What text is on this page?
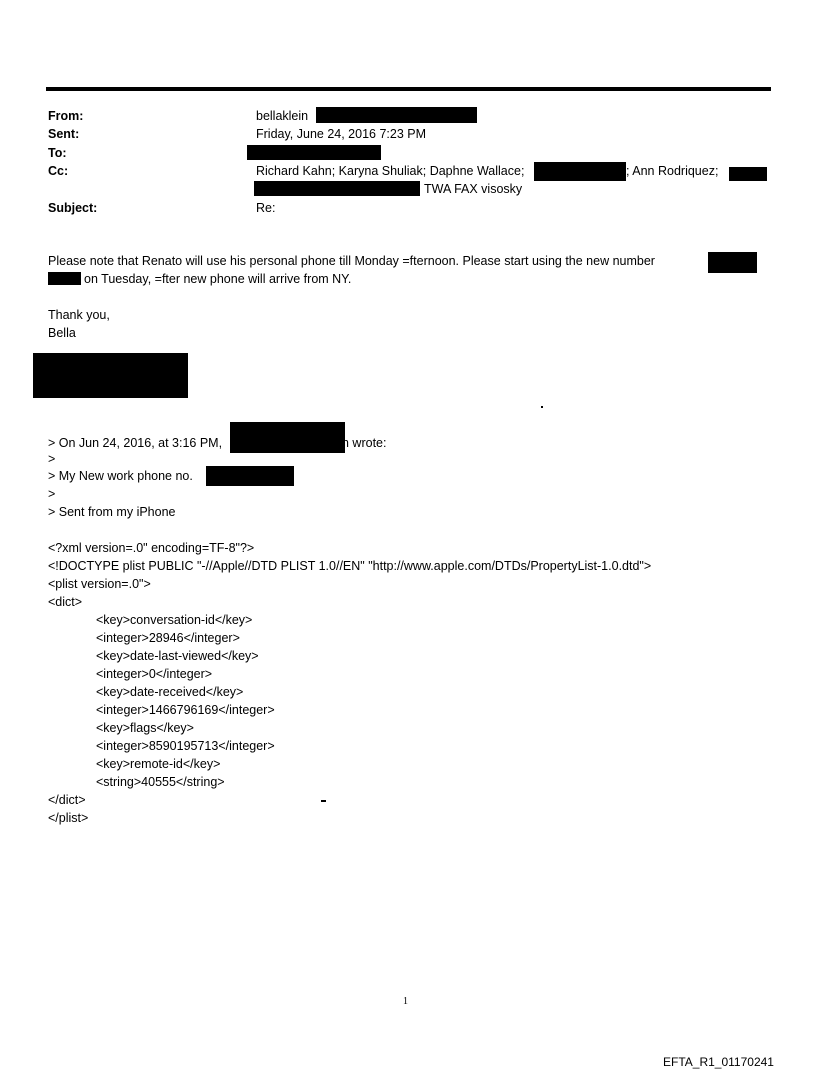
From:	bellaklein
Sent:	Friday, June 24, 2016 7:23 PM
To:
Cc:	Richard Kahn; Karyna Shuliak; Daphne Wallace;	; Ann Rodriquez;
TWA FAX visosky
Subject:	Re:
Please note that Renato will use his personal phone till Monday =fternoon. Please start using the new number
on Tuesday, =fter new phone will arrive from NY.
Thank you,
Bella
> On Jun 24, 2016, at 3:16 PM,	n wrote:
>
> My New work phone no.
>
> Sent from my iPhone
<?xml version=.0" encoding=TF-8"?>
<!DOCTYPE plist PUBLIC "-//Apple//DTD PLIST 1.0//EN" "http://www.apple.com/DTDs/PropertyList-1.0.dtd">
<plist version=.0">
<dict>
<key>conversation-id</key>
<integer>28946</integer>
<key>date-last-viewed</key>
<integer>0</integer>
<key>date-received</key>
<integer>1466796169</integer>
<key>flags</key>
<integer>8590195713</integer>
<key>remote-id</key>
<string>40555</string>
</dict>
</plist>
1
EFTA_R1_01170241
